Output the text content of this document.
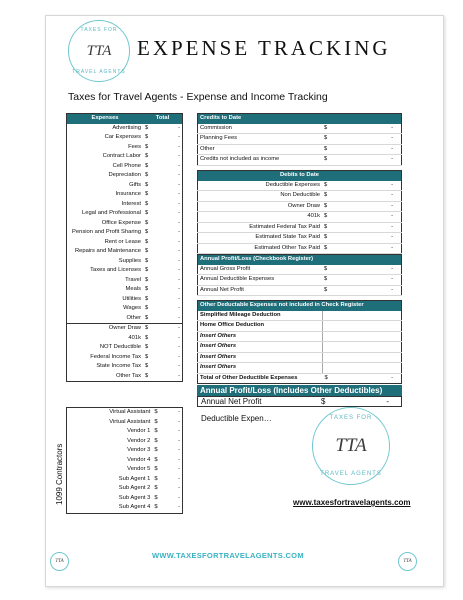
TAXES FOR
TTA
TRAVEL AGENTS
EXPENSE TRACKING
Taxes for Travel Agents - Expense and Income Tracking
Expenses	Total	
Advertising	$	-
Car Expenses	$	-
Fees	$	-
Contract Labor	$	-
Cell Phone	$	-
Depreciation	$	-
Gifts	$	-
Insurance	$	-
Interest	$	-
Legal and Professional	$	-
Office Expense	$	-
Pension and Profit Sharing	$	-
Rent or Lease	$	-
Repairs and Maintenance	$	-
Supplies	$	-
Taxes and Licenses	$	-
Travel	$	-
Meals	$	-
Utilities	$	-
Wages	$	-
Other	$	-
Owner Draw	$	-
401k	$	-
NOT Deductible	$	-
Federal Income Tax	$	-
State Income Tax	$	-
Other Tax	$	-
Credits to Date		
Commission	$	-
Planning Fees	$	-
Other	$	-
Credits not included as income	$	-
Debits to Date		
Deductible Expenses	$	-
Non Deductible	$	-
Owner Draw	$	-
401k	$	-
Estimated Federal Tax Paid	$	-
Estimated State Tax Paid	$	-
Estimated Other Tax Paid	$	-
Annual Profit/Loss (Checkbook Register)		
Annual Gross Profit	$	-
Annual Deductible Expenses	$	-
Annual Net Profit	$	-
Other Deductable Expenses not included in Check Register		
Simplified Mileage Deduction		
Home Office Deduction		
Insert Others		
Insert Others		
Insert Others		
Insert Others		
Total of Other Deductible Expenses	$	-
Annual Profit/Loss (Includes Other Deductibles)
Annual Net Profit	$	-
Deductible Expen…
1099 Contractors
Virtual Assistant	$	-
Virtual Assistant	$	-
Vendor 1	$	-
Vendor 2	$	-
Vendor 3	$	-
Vendor 4	$	-
Vendor 5	$	-
Sub Agent 1	$	-
Sub Agent 2	$	-
Sub Agent 3	$	-
Sub Agent 4	$	-
TAXES FOR
TTA
TRAVEL AGENTS
www.taxesfortravelagents.com
TTA
WWW.TAXESFORTRAVELAGENTS.COM
TTA
